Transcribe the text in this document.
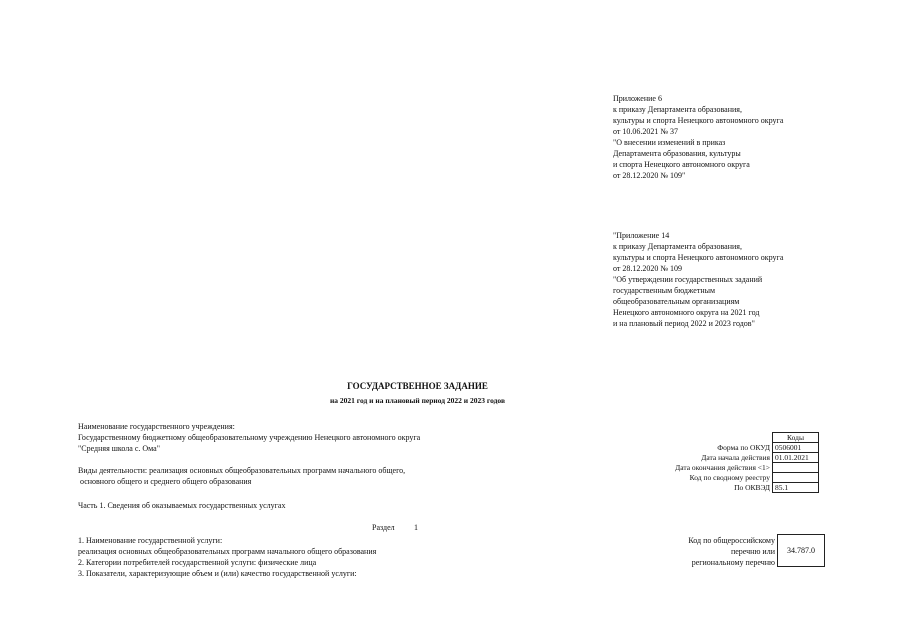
Приложение 6
к приказу Департамента образования,
культуры и спорта Ненецкого автономного округа
от 10.06.2021 № 37
"О внесении изменений в приказ
Департамента образования, культуры
и спорта Ненецкого автономного округа
от 28.12.2020 № 109"
"Приложение 14
к приказу Департамента образования,
культуры и спорта Ненецкого автономного округа
от 28.12.2020 № 109
"Об утверждении государственных заданий
государственным бюджетным
общеобразовательным организациям
Ненецкого автономного округа на 2021 год
и на плановый период 2022 и 2023 годов"
ГОСУДАРСТВЕННОЕ ЗАДАНИЕ
на 2021 год и на плановый период 2022 и 2023 годов
Наименование государственного учреждения:
Государственному бюджетному общеобразовательному учреждению Ненецкого автономного округа
"Средняя школа с. Ома"
Виды деятельности: реализация основных общеобразовательных программ начального общего,
основного общего и среднего общего образования
	Коды
Форма по ОКУД	0506001
Дата начала действия	01.01.2021
Дата окончания действия <1>	
Код по сводному реестру	
По ОКВЭД	85.1
Часть 1. Сведения об оказываемых государственных услугах
Раздел 1
1. Наименование государственной услуги:
реализация основных общеобразовательных программ начального общего образования
2. Категории потребителей государственной услуги: физические лица
3. Показатели, характеризующие объем и (или) качество государственной услуги:
Код по общероссийскому
перечню или
региональному перечню
34.787.0
